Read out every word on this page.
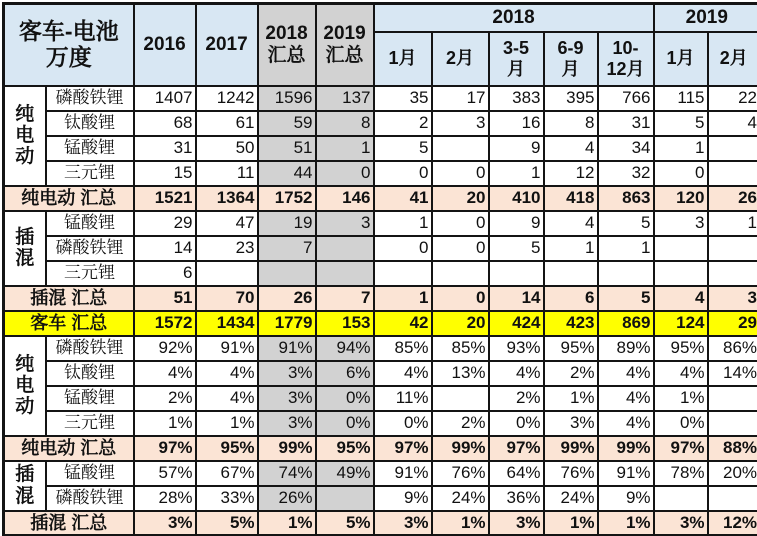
客车-电池
万度		2016	2017	2018 汇总	2019 汇总	2018					2019	
						1月	2月	3-5 月	6-9 月	10- 12月	1月	2月
纯电动	磷酸铁锂	1407	1242	1596	137	35	17	383	395	766	115	22
	钛酸锂	68	61	59	8	2	3	16	8	31	5	4
	锰酸锂	31	50	51	1	5		9	4	34	1	
	三元锂	15	11	44	0	0	0	1	12	32	0	
纯电动 汇总		1521	1364	1752	146	41	20	410	418	863	120	26
插混	锰酸锂	29	47	19	3	1	0	9	4	5	3	1
	磷酸铁锂	14	23	7		0	0	5	1	1		
	三元锂	6										
插混 汇总		51	70	26	7	1	0	14	6	5	4	3
客车 汇总		1572	1434	1779	153	42	20	424	423	869	124	29
纯电动	磷酸铁锂	92%	91%	91%	94%	85%	85%	93%	95%	89%	95%	86%
	钛酸锂	4%	4%	3%	6%	4%	13%	4%	2%	4%	4%	14%
	锰酸锂	2%	4%	3%	0%	11%		2%	1%	4%	1%	
	三元锂	1%	1%	3%	0%	0%	2%	0%	3%	4%	0%	
纯电动 汇总		97%	95%	99%	95%	97%	99%	97%	99%	99%	97%	88%
插混	锰酸锂	57%	67%	74%	49%	91%	76%	64%	76%	91%	78%	20%
	磷酸铁锂	28%	33%	26%		9%	24%	36%	24%	9%		
插混 汇总		3%	5%	1%	5%	3%	1%	3%	1%	1%	3%	12%
